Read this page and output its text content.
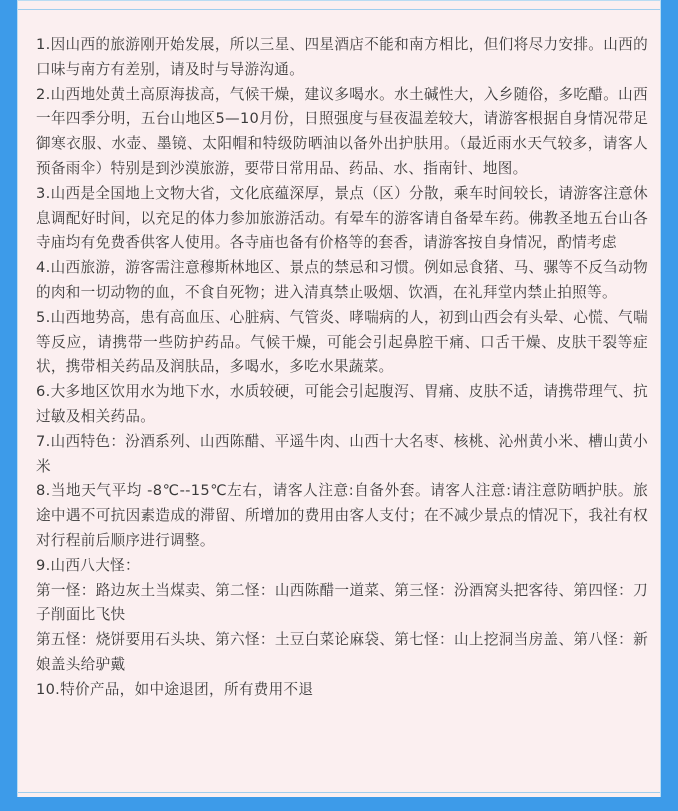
1.因山西的旅游刚开始发展，所以三星、四星酒店不能和南方相比，但们将尽力安排。山西的口味与南方有差别，请及时与导游沟通。

2.山西地处黄土高原海拔高，气候干燥，建议多喝水。水土碱性大，入乡随俗，多吃醋。山西一年四季分明，五台山地区5—10月份，日照强度与昼夜温差较大，请游客根据自身情况带足御寒衣服、水壶、墨镜、太阳帽和特级防晒油以备外出护肤用。（最近雨水天气较多，请客人预备雨伞）特别是到沙漠旅游，要带日常用品、药品、水、指南针、地图。

3.山西是全国地上文物大省，文化底蕴深厚，景点（区）分散，乘车时间较长，请游客注意休息调配好时间，以充足的体力参加旅游活动。有晕车的游客请自备晕车药。佛教圣地五台山各寺庙均有免费香供客人使用。各寺庙也备有价格等的套香，请游客按自身情况，酌情考虑

4.山西旅游，游客需注意穆斯林地区、景点的禁忌和习惯。例如忌食猪、马、骡等不反刍动物的肉和一切动物的血，不食自死物；进入清真禁止吸烟、饮酒，在礼拜堂内禁止拍照等。

5.山西地势高，患有高血压、心脏病、气管炎、哮喘病的人，初到山西会有头晕、心慌、气喘等反应，请携带一些防护药品。气候干燥，可能会引起鼻腔干痛、口舌干燥、皮肤干裂等症状，携带相关药品及润肤品，多喝水，多吃水果蔬菜。

6.大多地区饮用水为地下水，水质较硬，可能会引起腹泻、胃痛、皮肤不适，请携带理气、抗过敏及相关药品。

7.山西特色：汾酒系列、山西陈醋、平遥牛肉、山西十大名枣、核桃、沁州黄小米、槽山黄小米

8.当地天气平均 -8℃--15℃左右，请客人注意:自备外套。请客人注意:请注意防晒护肤。旅途中遇不可抗因素造成的滞留、所增加的费用由客人支付；在不减少景点的情况下，我社有权对行程前后顺序进行调整。

9.山西八大怪：

第一怪：路边灰土当煤卖、第二怪：山西陈醋一道菜、第三怪：汾酒窝头把客待、第四怪：刀子削面比飞快

第五怪：烧饼要用石头块、第六怪：土豆白菜论麻袋、第七怪：山上挖洞当房盖、第八怪：新娘盖头给驴戴

10.特价产品，如中途退团，所有费用不退
